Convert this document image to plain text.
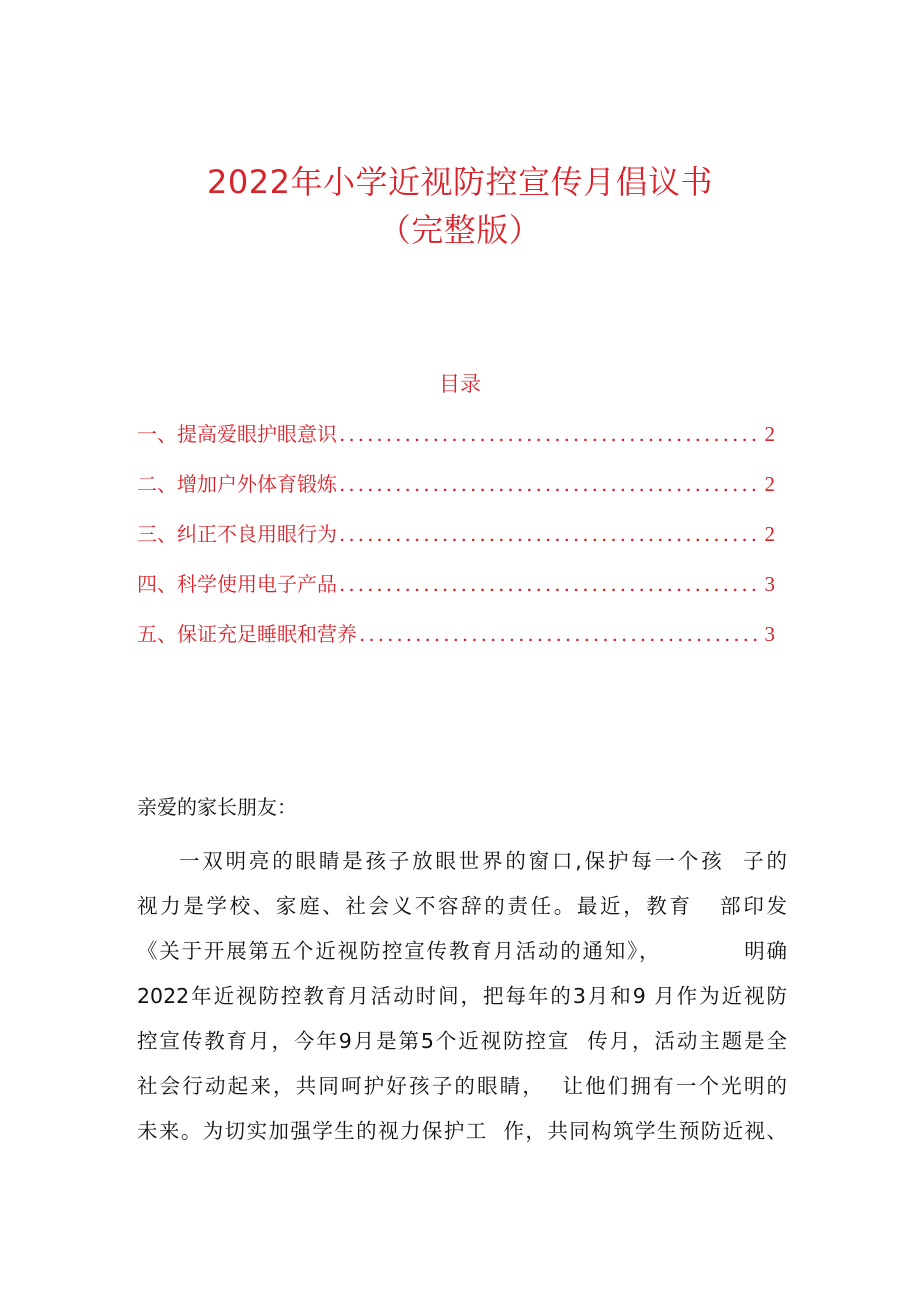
2022年小学近视防控宣传月倡议书
（完整版）
目录
一、提高爱眼护眼意识 .....	2
二、增加户外体育锻炼 .....	2
三、纠正不良用眼行为 .....	2
四、科学使用电子产品 .....	3
五、保证充足睡眠和营养 .....	3
亲爱的家长朋友：
一双明亮的眼睛是孩子放眼世界的窗口,保护每一个孩  子的
视力是学校、家庭、社会义不容辞的责任。最近，教育   部印发
《关于开展第五个近视防控宣传教育月活动的通知》，          明确
2022年近视防控教育月活动时间，把每年的3月和9 月作为近视防
控宣传教育月，今年9月是第5个近视防控宣  传月，活动主题是全
社会行动起来，共同呵护好孩子的眼睛，  让他们拥有一个光明的
未来。为切实加强学生的视力保护工  作，共同构筑学生预防近视、
